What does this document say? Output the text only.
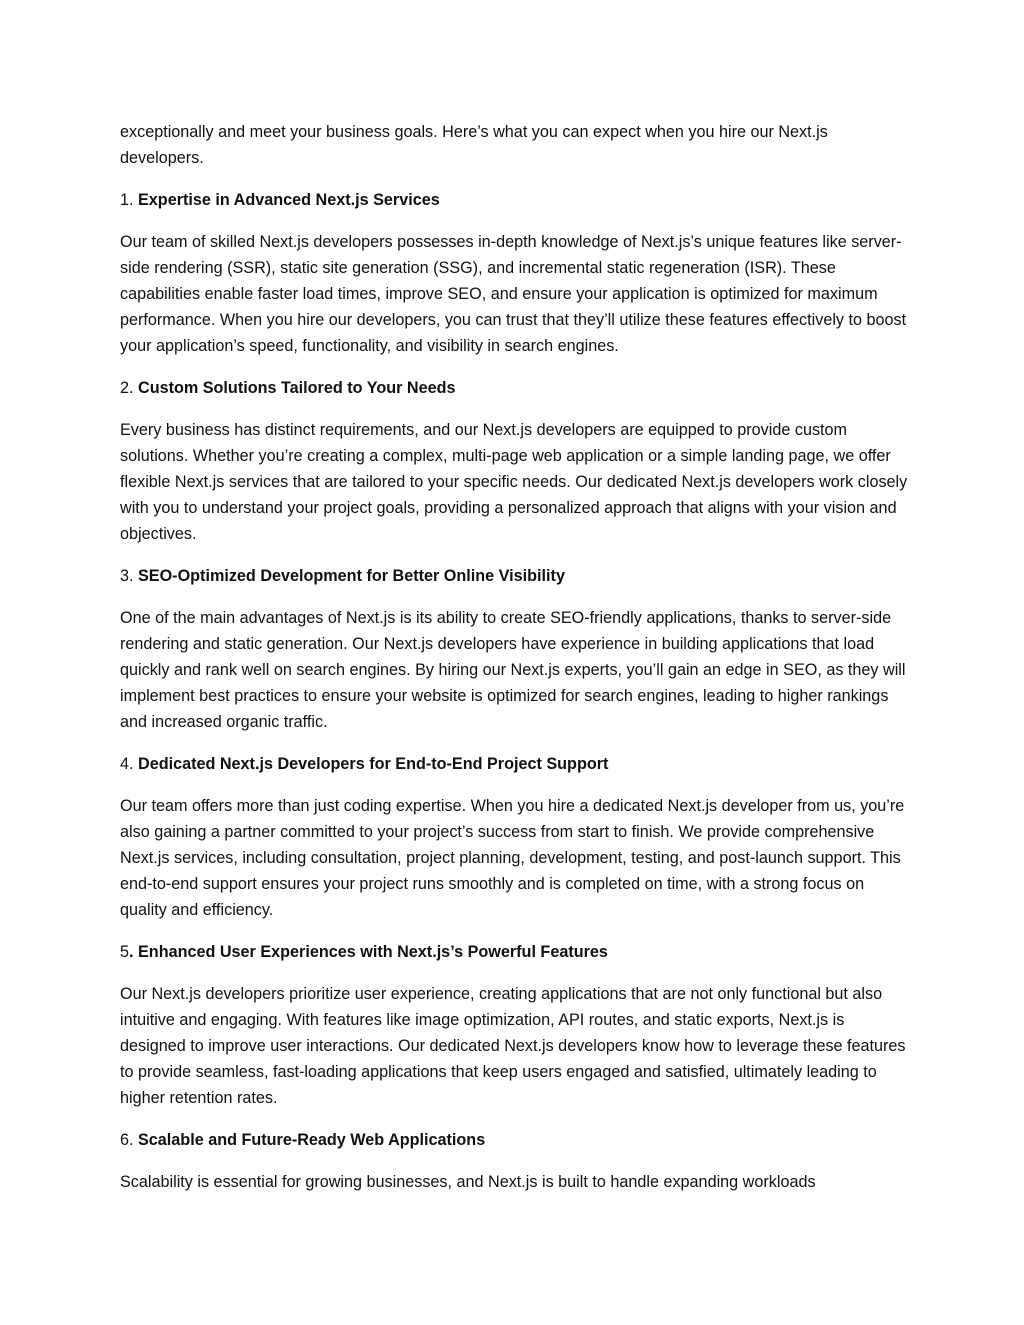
exceptionally and meet your business goals. Here’s what you can expect when you hire our Next.js developers.

1. Expertise in Advanced Next.js Services

Our team of skilled Next.js developers possesses in-depth knowledge of Next.js’s unique features like server-side rendering (SSR), static site generation (SSG), and incremental static regeneration (ISR). These capabilities enable faster load times, improve SEO, and ensure your application is optimized for maximum performance. When you hire our developers, you can trust that they’ll utilize these features effectively to boost your application’s speed, functionality, and visibility in search engines.

2. Custom Solutions Tailored to Your Needs

Every business has distinct requirements, and our Next.js developers are equipped to provide custom solutions. Whether you’re creating a complex, multi-page web application or a simple landing page, we offer flexible Next.js services that are tailored to your specific needs. Our dedicated Next.js developers work closely with you to understand your project goals, providing a personalized approach that aligns with your vision and objectives.

3. SEO-Optimized Development for Better Online Visibility

One of the main advantages of Next.js is its ability to create SEO-friendly applications, thanks to server-side rendering and static generation. Our Next.js developers have experience in building applications that load quickly and rank well on search engines. By hiring our Next.js experts, you’ll gain an edge in SEO, as they will implement best practices to ensure your website is optimized for search engines, leading to higher rankings and increased organic traffic.

4. Dedicated Next.js Developers for End-to-End Project Support

Our team offers more than just coding expertise. When you hire a dedicated Next.js developer from us, you’re also gaining a partner committed to your project’s success from start to finish. We provide comprehensive Next.js services, including consultation, project planning, development, testing, and post-launch support. This end-to-end support ensures your project runs smoothly and is completed on time, with a strong focus on quality and efficiency.

5. Enhanced User Experiences with Next.js’s Powerful Features

Our Next.js developers prioritize user experience, creating applications that are not only functional but also intuitive and engaging. With features like image optimization, API routes, and static exports, Next.js is designed to improve user interactions. Our dedicated Next.js developers know how to leverage these features to provide seamless, fast-loading applications that keep users engaged and satisfied, ultimately leading to higher retention rates.

6. Scalable and Future-Ready Web Applications

Scalability is essential for growing businesses, and Next.js is built to handle expanding workloads
